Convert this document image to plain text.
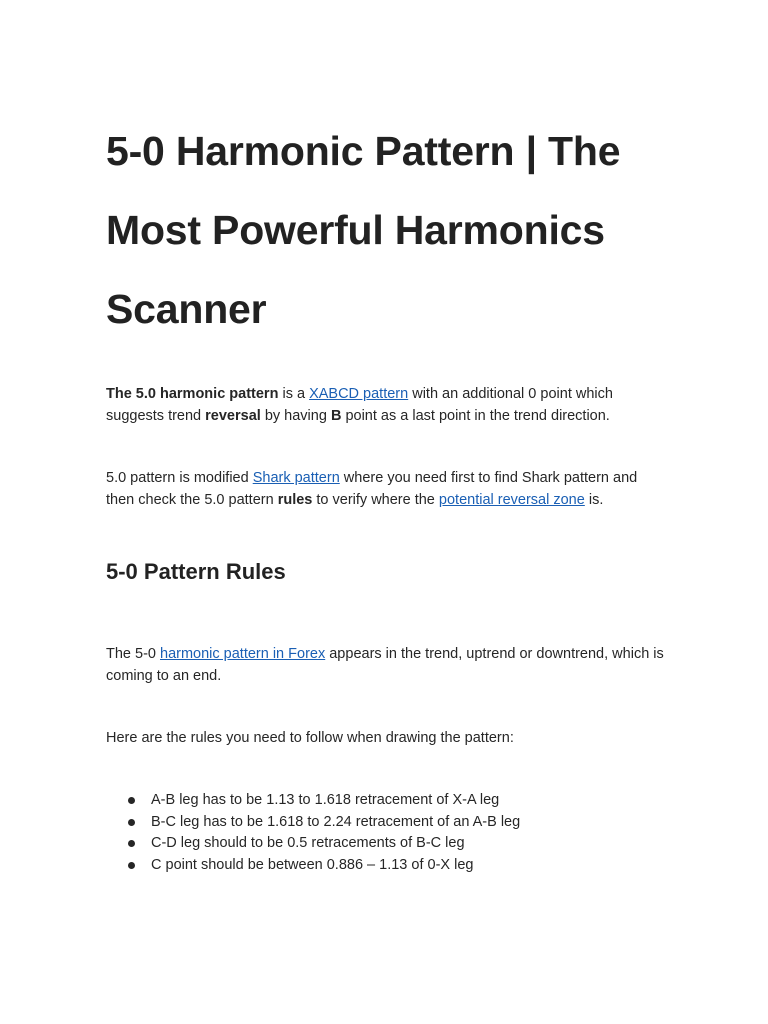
5-0 Harmonic Pattern | The Most Powerful Harmonics Scanner

The 5.0 harmonic pattern is a XABCD pattern with an additional 0 point which suggests trend reversal by having B point as a last point in the trend direction.

5.0 pattern is modified Shark pattern where you need first to find Shark pattern and then check the 5.0 pattern rules to verify where the potential reversal zone is.

5-0 Pattern Rules

The 5-0 harmonic pattern in Forex appears in the trend, uptrend or downtrend, which is coming to an end.

Here are the rules you need to follow when drawing the pattern:

A-B leg has to be 1.13 to 1.618 retracement of X-A leg
B-C leg has to be 1.618 to 2.24 retracement of an A-B leg
C-D leg should to be 0.5 retracements of B-C leg
C point should be between 0.886 – 1.13 of 0-X leg
